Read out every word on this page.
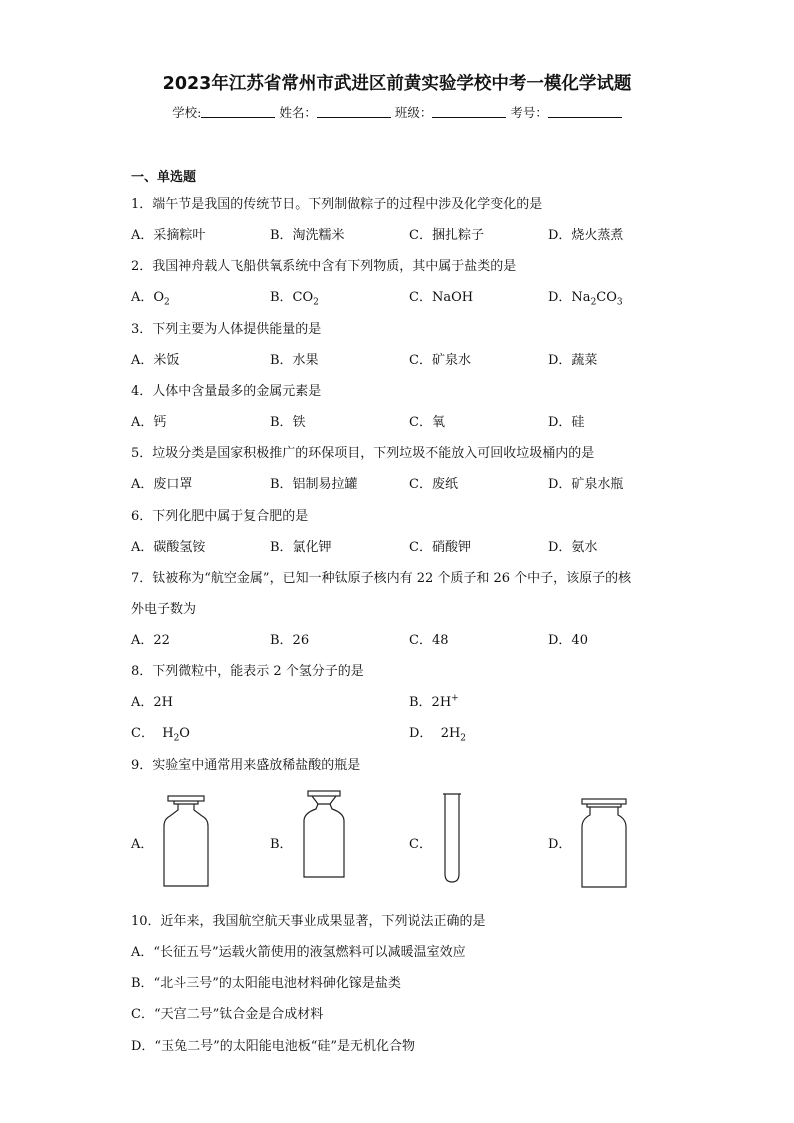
2023年江苏省常州市武进区前黄实验学校中考一模化学试题
学校:	姓名：	班级：	考号：
一、单选题
1．端午节是我国的传统节日。下列制做粽子的过程中涉及化学变化的是
A．采摘粽叶	B．淘洗糯米	C．捆扎粽子	D．烧火蒸煮
2．我国神舟载人飞船供氧系统中含有下列物质，其中属于盐类的是
A．$O_2$	B．$CO_2$	C．NaOH	D．$Na_2CO_3$
3．下列主要为人体提供能量的是
A．米饭	B．水果	C．矿泉水	D．蔬菜
4．人体中含量最多的金属元素是
A．钙	B．铁	C．氧	D．硅
5．垃圾分类是国家积极推广的环保项目，下列垃圾不能放入可回收垃圾桶内的是
A．废口罩	B．铝制易拉罐	C．废纸	D．矿泉水瓶
6．下列化肥中属于复合肥的是
A．碳酸氢铵	B．氯化钾	C．硝酸钾	D．氨水
7．钛被称为“航空金属”，已知一种钛原子核内有 22 个质子和 26 个中子，该原子的核
外电子数为
A．22	B．26	C．48	D．40
8．下列微粒中，能表示 2 个氢分子的是
A．2H	B．2H+
C．  $H_2O$	D．  $2H_2$
9．实验室中通常用来盛放稀盐酸的瓶是
A．	B．	C．	D．
10．近年来，我国航空航天事业成果显著，下列说法正确的是
A．“长征五号”运载火箭使用的液氢燃料可以减暖温室效应
B．“北斗三号”的太阳能电池材料砷化镓是盐类
C．“天宫二号”钛合金是合成材料
D．“玉兔二号”的太阳能电池板“硅”是无机化合物
